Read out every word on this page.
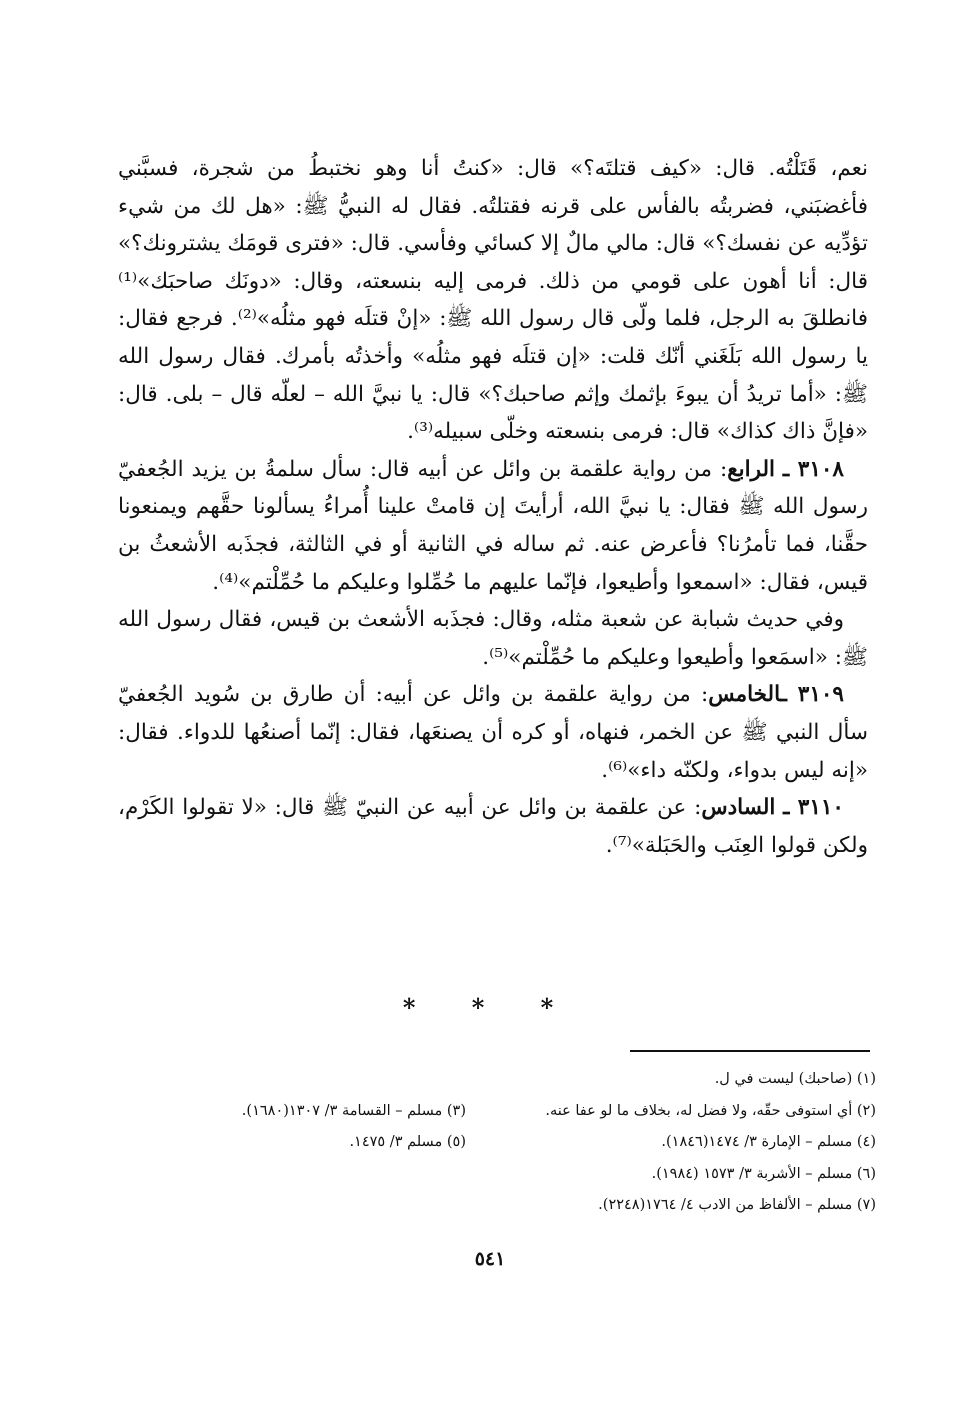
نعم، قَتَلْتُه. قال: «كيف قتلتَه؟» قال: «كنتُ أنا وهو نختبطُ من شجرة، فسبَّني فأغضبَني، فضربتُه بالفأس على قرنه فقتلتُه. فقال له النبيُّ ﷺ: «هل لك من شيء تؤدِّيه عن نفسك؟» قال: مالي مالٌ إلا كسائي وفأسي. قال: «فترى قومَك يشترونك؟» قال: أنا أهون على قومي من ذلك. فرمى إليه بنسعته، وقال: «دونَك صاحبَك»⁽¹⁾ فانطلقَ به الرجل، فلما ولّى قال رسول الله ﷺ: «إنْ قتلَه فهو مثلُه»⁽²⁾. فرجع فقال: يا رسول الله بَلَغَني أنّك قلت: «إن قتلَه فهو مثلُه» وأخذتُه بأمرك. فقال رسول الله ﷺ: «أما تريدُ أن يبوءَ بإثمك وإثم صاحبك؟» قال: يا نبيَّ الله – لعلّه قال – بلى. قال: «فإنَّ ذاك كذاك» قال: فرمى بنسعته وخلّى سبيله⁽³⁾.

٣١٠٨ ـ الرابع: من رواية علقمة بن وائل عن أبيه قال: سأل سلمةُ بن يزيد الجُعفيّ رسول الله ﷺ فقال: يا نبيَّ الله، أرأيتَ إن قامتْ علينا أُمراءُ يسألونا حقَّهم ويمنعونا حقَّنا، فما تأمرُنا؟ فأعرض عنه. ثم ساله في الثانية أو في الثالثة، فجذَبه الأشعثُ بن قيس، فقال: «اسمعوا وأطيعوا، فإنّما عليهم ما حُمِّلوا وعليكم ما حُمِّلْتم»⁽⁴⁾.

وفي حديث شبابة عن شعبة مثله، وقال: فجذَبه الأشعث بن قيس، فقال رسول الله ﷺ: «اسمَعوا وأطيعوا وعليكم ما حُمِّلْتم»⁽⁵⁾.

٣١٠٩ ـالخامس: من رواية علقمة بن وائل عن أبيه: أن طارق بن سُويد الجُعفيّ سأل النبي ﷺ عن الخمر، فنهاه، أو كره أن يصنعَها، فقال: إنّما أصنعُها للدواء. فقال: «إنه ليس بدواء، ولكنّه داء»⁽⁶⁾.

٣١١٠ ـ السادس: عن علقمة بن وائل عن أبيه عن النبيّ ﷺ قال: «لا تقولوا الكَرْم، ولكن قولوا العِنَب والحَبَلة»⁽⁷⁾.

* * *
(١) (صاحبك) ليست في ل.
(٢) أي استوفى حقّه، ولا فضل له، بخلاف ما لو عفا عنه.
(٣) مسلم – القسامة ٣/ ١٣٠٧(١٦٨٠).
(٤) مسلم – الإمارة ٣/ ١٤٧٤(١٨٤٦).
(٥) مسلم ٣/ ١٤٧٥.
(٦) مسلم – الأشربة ٣/ ١٥٧٣ (١٩٨٤).
(٧) مسلم – الألفاظ من الادب ٤/ ١٧٦٤(٢٢٤٨).
٥٤١
